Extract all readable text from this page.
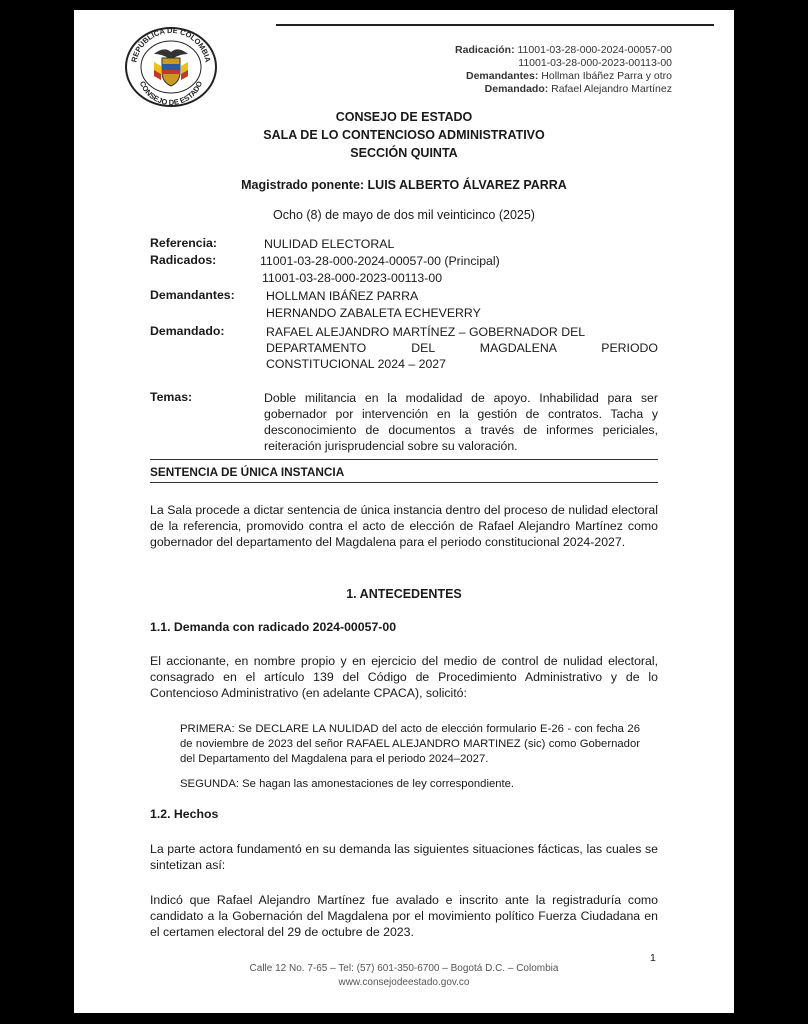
REPÚBLICA DE COLOMBIA
CONSEJO DE ESTADO
Radicación: 11001-03-28-000-2024-00057-00
11001-03-28-000-2023-00113-00
Demandantes: Hollman Ibáñez Parra y otro
Demandado: Rafael Alejandro Martínez
CONSEJO DE ESTADO
SALA DE LO CONTENCIOSO ADMINISTRATIVO
SECCIÓN QUINTA
Magistrado ponente: LUIS ALBERTO ÁLVAREZ PARRA
Ocho (8) de mayo de dos mil veinticinco (2025)
Referencia:	NULIDAD ELECTORAL
Radicados:	11001-03-28-000-2024-00057-00 (Principal)
11001-03-28-000-2023-00113-00
Demandantes:	HOLLMAN IBÁÑEZ PARRA
HERNANDO ZABALETA ECHEVERRY
Demandado:	RAFAEL ALEJANDRO MARTÍNEZ – GOBERNADOR DEL
DEPARTAMENTO DEL MAGDALENA PERIODO
CONSTITUCIONAL 2024 – 2027
Temas:	Doble militancia en la modalidad de apoyo. Inhabilidad para ser gobernador por intervención en la gestión de contratos. Tacha y desconocimiento de documentos a través de informes periciales, reiteración jurisprudencial sobre su valoración.
SENTENCIA DE ÚNICA INSTANCIA
La Sala procede a dictar sentencia de única instancia dentro del proceso de nulidad electoral de la referencia, promovido contra el acto de elección de Rafael Alejandro Martínez como gobernador del departamento del Magdalena para el periodo constitucional 2024-2027.
1. ANTECEDENTES
1.1. Demanda con radicado 2024-00057-00
El accionante, en nombre propio y en ejercicio del medio de control de nulidad electoral, consagrado en el artículo 139 del Código de Procedimiento Administrativo y de lo Contencioso Administrativo (en adelante CPACA), solicitó:
PRIMERA: Se DECLARE LA NULIDAD del acto de elección formulario E-26 - con fecha 26 de noviembre de 2023 del señor RAFAEL ALEJANDRO MARTINEZ (sic) como Gobernador del Departamento del Magdalena para el periodo 2024–2027.
SEGUNDA: Se hagan las amonestaciones de ley correspondiente.
1.2. Hechos
La parte actora fundamentó en su demanda las siguientes situaciones fácticas, las cuales se sintetizan así:
Indicó que Rafael Alejandro Martínez fue avalado e inscrito ante la registraduría como candidato a la Gobernación del Magdalena por el movimiento político Fuerza Ciudadana en el certamen electoral del 29 de octubre de 2023.
1
Calle 12 No. 7-65 – Tel: (57) 601-350-6700 – Bogotá D.C. – Colombia
www.consejodeestado.gov.co
